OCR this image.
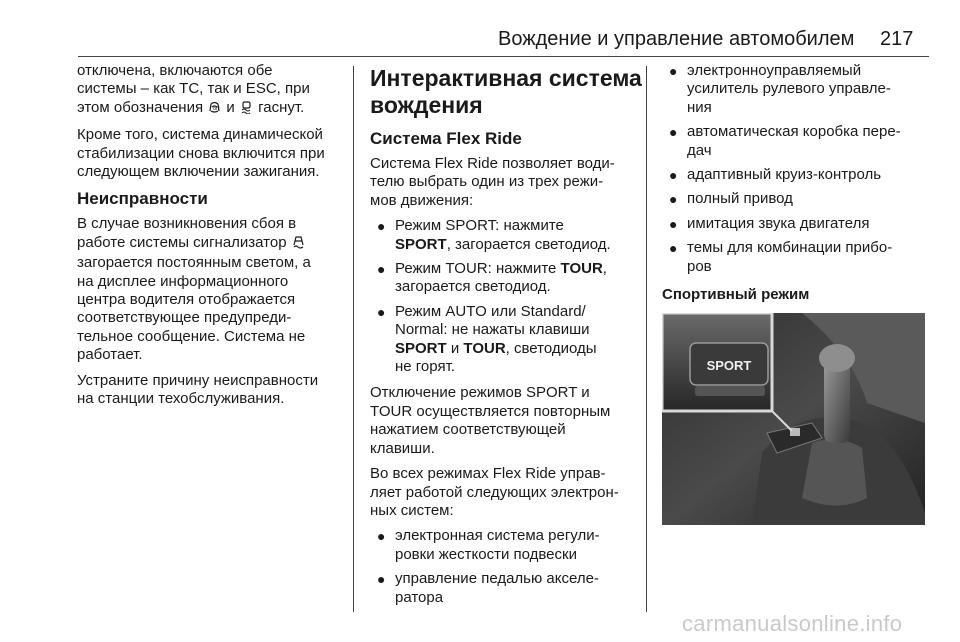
Вождение и управление автомобилем 217

отключена, включаются обе
системы – как TC, так и ESC, при
этом обозначения off и гаснут.

Кроме того, система динамической
стабилизации снова включится при
следующем включении зажигания.

Неисправности

В случае возникновения сбоя в
работе системы сигнализатор
загорается постоянным светом, а
на дисплее информационного
центра водителя отображается
соответствующее предупреди-
тельное сообщение. Система не
работает.

Устраните причину неисправности
на станции техобслуживания.

Интерактивная система
вождения
Система Flex Ride

Система Flex Ride позволяет води-
телю выбрать один из трех режи-
мов движения:

● Режим SPORT: нажмите
SPORT, загорается светодиод.
● Режим TOUR: нажмите TOUR,
загорается светодиод.
● Режим AUTO или Standard/
Normal: не нажаты клавиши
SPORT и TOUR, светодиоды
не горят.

Отключение режимов SPORT и
TOUR осуществляется повторным
нажатием соответствующей
клавиши.

Во всех режимах Flex Ride управ-
ляет работой следующих электрон-
ных систем:

● электронная система регули-
ровки жесткости подвески
● управление педалью акселе-
ратора
● электронноуправляемый
усилитель рулевого управле-
ния
● автоматическая коробка пере-
дач
● адаптивный круиз-контроль
● полный привод
● имитация звука двигателя
● темы для комбинации прибо-
ров
Спортивный режим
SPORT
carmanualsonline.info
